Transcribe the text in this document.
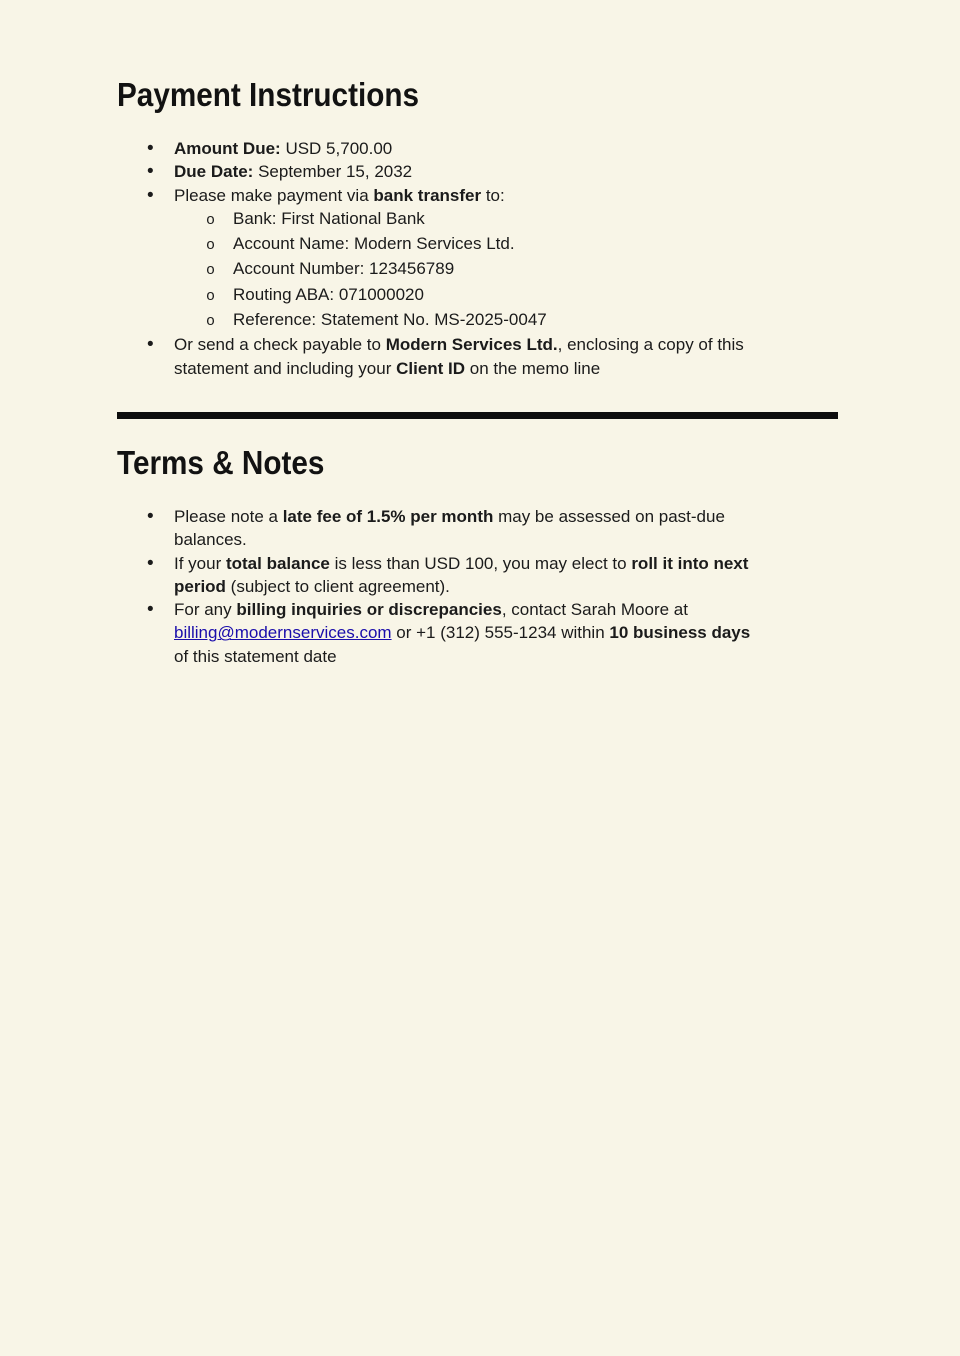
Payment Instructions
•	Amount Due: USD 5,700.00
•	Due Date: September 15, 2032
•	Please make payment via bank transfer to:
o	Bank: First National Bank
o	Account Name: Modern Services Ltd.
o	Account Number: 123456789
o	Routing ABA: 071000020
o	Reference: Statement No. MS-2025-0047
•	Or send a check payable to Modern Services Ltd., enclosing a copy of this
statement and including your Client ID on the memo line
Terms & Notes
•	Please note a late fee of 1.5% per month may be assessed on past-due
balances.
•	If your total balance is less than USD 100, you may elect to roll it into next
period (subject to client agreement).
•	For any billing inquiries or discrepancies, contact Sarah Moore at
billing@modernservices.com or +1 (312) 555-1234 within 10 business days
of this statement date
